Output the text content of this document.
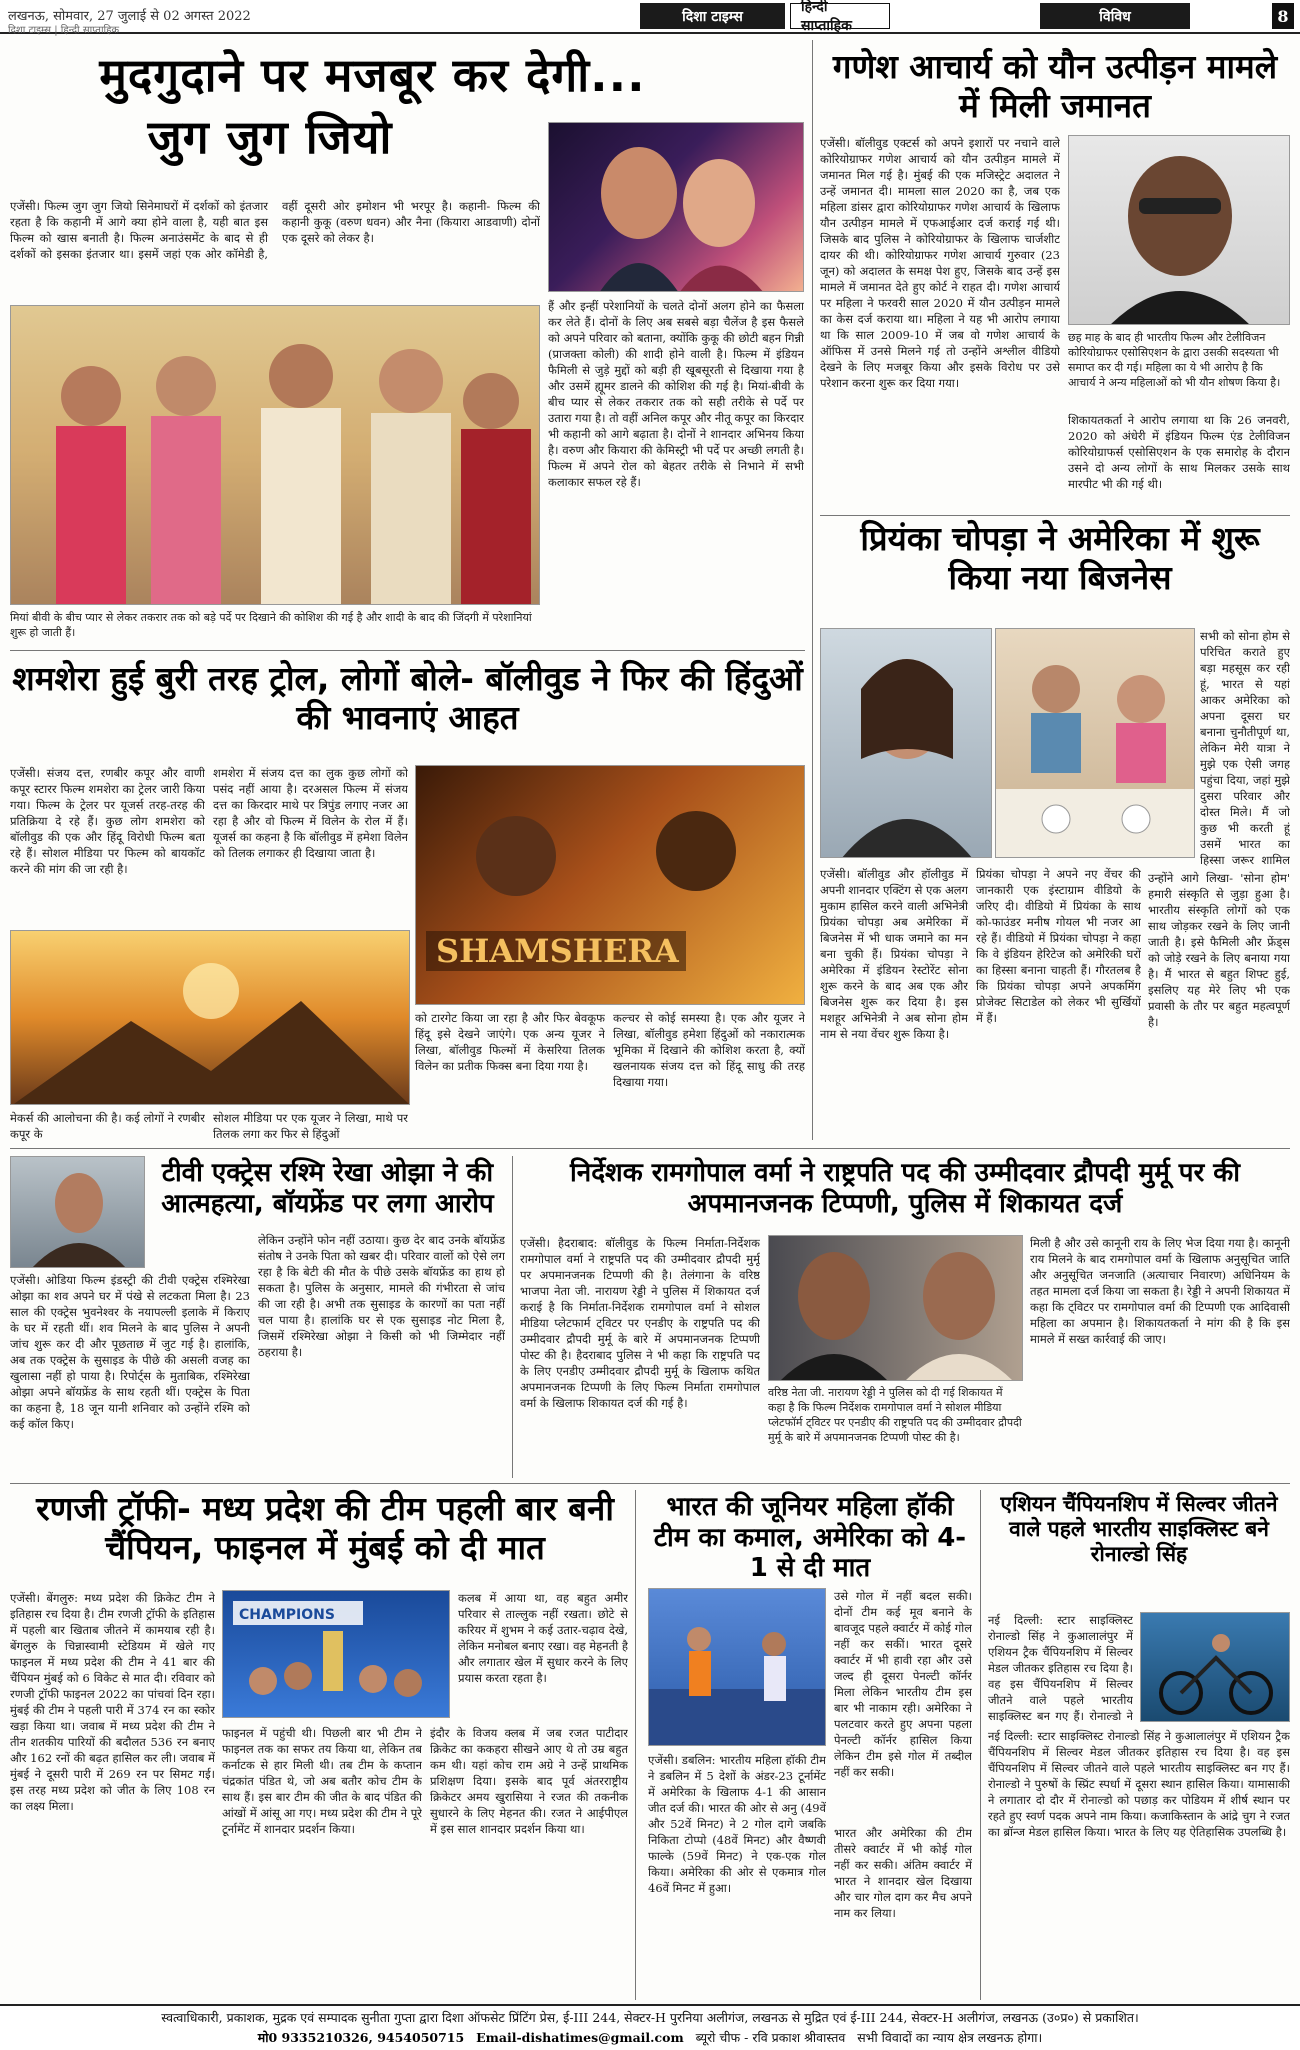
लखनऊ, सोमवार, 27 जुलाई से 02 अगस्त 2022
दिशा टाइम्स | हिन्दी साप्ताहिक
दिशा टाइम्स
हिन्दी साप्ताहिक
विविध	8
मुदगुदाने पर मजबूर कर देगी...
जुग जुग जियो
एजेंसी। फिल्म जुग जुग जियो सिनेमाघरों में दर्शकों को इंतजार रहता है कि कहानी में आगे क्या होने वाला है, यही बात इस फिल्म को खास बनाती है। फिल्म अनाउंसमेंट के बाद से ही दर्शकों को इसका इंतजार था। इसमें जहां एक ओर कॉमेडी है, वहीं दूसरी ओर इमोशन भी भरपूर है। कहानी- फिल्म की कहानी कुकू (वरुण धवन) और नैना (कियारा आडवाणी) दोनों एक दूसरे को लेकर है।
हैं और इन्हीं परेशानियों के चलते दोनों अलग होने का फैसला कर लेते हैं। दोनों के लिए अब सबसे बड़ा चैलेंज है इस फैसले को अपने परिवार को बताना, क्योंकि कुकू की छोटी बहन गिन्नी (प्राजक्ता कोली) की शादी होने वाली है। फिल्म में इंडियन फैमिली से जुड़े मुद्दों को बड़ी ही खूबसूरती से दिखाया गया है और उसमें ह्यूमर डालने की कोशिश की गई है। मियां-बीवी के बीच प्यार से लेकर तकरार तक को सही तरीके से पर्दे पर उतारा गया है। तो वहीं अनिल कपूर और नीतू कपूर का किरदार भी कहानी को आगे बढ़ाता है। दोनों ने शानदार अभिनय किया है। वरुण और कियारा की केमिस्ट्री भी पर्दे पर अच्छी लगती है। फिल्म में अपने रोल को बेहतर तरीके से निभाने में सभी कलाकार सफल रहे हैं।
मियां बीवी के बीच प्यार से लेकर तकरार तक को बड़े पर्दे पर दिखाने की कोशिश की गई है और शादी के बाद की जिंदगी में परेशानियां शुरू हो जाती हैं।
गणेश आचार्य को यौन उत्पीड़न मामले में मिली जमानत
एजेंसी। बॉलीवुड एक्टर्स को अपने इशारों पर नचाने वाले कोरियोग्राफर गणेश आचार्य को यौन उत्पीड़न मामले में जमानत मिल गई है। मुंबई की एक मजिस्ट्रेट अदालत ने उन्हें जमानत दी। मामला साल 2020 का है, जब एक महिला डांसर द्वारा कोरियोग्राफर गणेश आचार्य के खिलाफ यौन उत्पीड़न मामले में एफआईआर दर्ज कराई गई थी। जिसके बाद पुलिस ने कोरियोग्राफर के खिलाफ चार्जशीट दायर की थी। कोरियोग्राफर गणेश आचार्य गुरुवार (23 जून) को अदालत के समक्ष पेश हुए, जिसके बाद उन्हें इस मामले में जमानत देते हुए कोर्ट ने राहत दी। गणेश आचार्य पर महिला ने फरवरी साल 2020 में यौन उत्पीड़न मामले का केस दर्ज कराया था। महिला ने यह भी आरोप लगाया था कि साल 2009-10 में जब वो गणेश आचार्य के ऑफिस में उनसे मिलने गई तो उन्होंने अश्लील वीडियो देखने के लिए मजबूर किया और इसके विरोध पर उसे परेशान करना शुरू कर दिया गया।
छह माह के बाद ही भारतीय फिल्म और टेलीविजन कोरियोग्राफर एसोसिएशन के द्वारा उसकी सदस्यता भी समाप्त कर दी गई। महिला का ये भी आरोप है कि आचार्य ने अन्य महिलाओं को भी यौन शोषण किया है।
शिकायतकर्ता ने आरोप लगाया था कि 26 जनवरी, 2020 को अंधेरी में इंडियन फिल्म एंड टेलीविजन कोरियोग्राफर्स एसोसिएशन के एक समारोह के दौरान उसने दो अन्य लोगों के साथ मिलकर उसके साथ मारपीट भी की गई थी।
प्रियंका चोपड़ा ने अमेरिका में शुरू किया नया बिजनेस
सभी को सोना होम से परिचित कराते हुए बड़ा महसूस कर रही हूं, भारत से यहां आकर अमेरिका को अपना दूसरा घर बनाना चुनौतीपूर्ण था, लेकिन मेरी यात्रा ने मुझे एक ऐसी जगह पहुंचा दिया, जहां मुझे दुसरा परिवार और दोस्त मिले। मैं जो कुछ भी करती हूं उसमें भारत का हिस्सा जरूर शामिल
एजेंसी। बॉलीवुड और हॉलीवुड में अपनी शानदार एक्टिंग से एक अलग मुकाम हासिल करने वाली अभिनेत्री प्रियंका चोपड़ा अब अमेरिका में बिजनेस में भी धाक जमाने का मन बना चुकी हैं। प्रियंका चोपड़ा ने अमेरिका में इंडियन रेस्टोरेंट सोना शुरू करने के बाद अब एक और बिजनेस शुरू कर दिया है। इस मशहूर अभिनेत्री ने अब सोना होम नाम से नया वेंचर शुरू किया है।
प्रियंका चोपड़ा ने अपने नए वेंचर की जानकारी एक इंस्टाग्राम वीडियो के जरिए दी। वीडियो में प्रियंका के साथ को-फाउंडर मनीष गोयल भी नजर आ रहे हैं। वीडियो में प्रियंका चोपड़ा ने कहा कि वे इंडियन हेरिटेज को अमेरिकी घरों का हिस्सा बनाना चाहती हैं। गौरतलब है कि प्रियंका चोपड़ा अपने अपकमिंग प्रोजेक्ट सिटाडेल को लेकर भी सुर्खियों में हैं।
उन्होंने आगे लिखा- 'सोना होम' हमारी संस्कृति से जुड़ा हुआ है। भारतीय संस्कृति लोगों को एक साथ जोड़कर रखने के लिए जानी जाती है। इसे फैमिली और फ्रेंड्स को जोड़े रखने के लिए बनाया गया है। मैं भारत से बहुत शिफ्ट हुई, इसलिए यह मेरे लिए भी एक प्रवासी के तौर पर बहुत महत्वपूर्ण है।
शमशेरा हुई बुरी तरह ट्रोल, लोगों बोले- बॉलीवुड ने फिर की हिंदुओं की भावनाएं आहत
एजेंसी। संजय दत्त, रणबीर कपूर और वाणी कपूर स्टारर फिल्म शमशेरा का ट्रेलर जारी किया गया। फिल्म के ट्रेलर पर यूजर्स तरह-तरह की प्रतिक्रिया दे रहे हैं। कुछ लोग शमशेरा को बॉलीवुड की एक और हिंदू विरोधी फिल्म बता रहे हैं। सोशल मीडिया पर फिल्म को बायकॉट करने की मांग की जा रही है।
शमशेरा में संजय दत्त का लुक कुछ लोगों को पसंद नहीं आया है। दरअसल फिल्म में संजय दत्त का किरदार माथे पर त्रिपुंड लगाए नजर आ रहा है और वो फिल्म में विलेन के रोल में हैं। यूजर्स का कहना है कि बॉलीवुड में हमेशा विलेन को तिलक लगाकर ही दिखाया जाता है।
SHAMSHERA
को टारगेट किया जा रहा है और फिर बेवकूफ हिंदू इसे देखने जाएंगे। एक अन्य यूजर ने लिखा, बॉलीवुड फिल्मों में केसरिया तिलक विलेन का प्रतीक फिक्स बना दिया गया है।
कल्चर से कोई समस्या है। एक और यूजर ने लिखा, बॉलीवुड हमेशा हिंदुओं को नकारात्मक भूमिका में दिखाने की कोशिश करता है, क्यों खलनायक संजय दत्त को हिंदू साधु की तरह दिखाया गया।
मेकर्स की आलोचना की है। कई लोगों ने रणबीर कपूर के
सोशल मीडिया पर एक यूजर ने लिखा, माथे पर तिलक लगा कर फिर से हिंदुओं
टीवी एक्ट्रेस रश्मि रेखा ओझा ने की आत्महत्या, बॉयफ्रेंड पर लगा आरोप
एजेंसी। ओडिया फिल्म इंडस्ट्री की टीवी एक्ट्रेस रश्मिरेखा ओझा का शव अपने घर में पंखे से लटकता मिला है। 23 साल की एक्ट्रेस भुवनेश्वर के नयापल्ली इलाके में किराए के घर में रहती थीं। शव मिलने के बाद पुलिस ने अपनी जांच शुरू कर दी और पूछताछ में जुट गई है। हालांकि, अब तक एक्ट्रेस के सुसाइड के पीछे की असली वजह का खुलासा नहीं हो पाया है। रिपोर्ट्स के मुताबिक, रश्मिरेखा ओझा अपने बॉयफ्रेंड के साथ रहती थीं। एक्ट्रेस के पिता का कहना है, 18 जून यानी शनिवार को उन्होंने रश्मि को कई कॉल किए।
लेकिन उन्होंने फोन नहीं उठाया। कुछ देर बाद उनके बॉयफ्रेंड संतोष ने उनके पिता को खबर दी। परिवार वालों को ऐसे लग रहा है कि बेटी की मौत के पीछे उसके बॉयफ्रेंड का हाथ हो सकता है। पुलिस के अनुसार, मामले की गंभीरता से जांच की जा रही है। अभी तक सुसाइड के कारणों का पता नहीं चल पाया है। हालांकि घर से एक सुसाइड नोट मिला है, जिसमें रश्मिरेखा ओझा ने किसी को भी जिम्मेदार नहीं ठहराया है।
निर्देशक रामगोपाल वर्मा ने राष्ट्रपति पद की उम्मीदवार द्रौपदी मुर्मू पर की अपमानजनक टिप्पणी, पुलिस में शिकायत दर्ज
एजेंसी। हैदराबाद: बॉलीवुड के फिल्म निर्माता-निर्देशक रामगोपाल वर्मा ने राष्ट्रपति पद की उम्मीदवार द्रौपदी मुर्मू पर अपमानजनक टिप्पणी की है। तेलंगाना के वरिष्ठ भाजपा नेता जी. नारायण रेड्डी ने पुलिस में शिकायत दर्ज कराई है कि निर्माता-निर्देशक रामगोपाल वर्मा ने सोशल मीडिया प्लेटफार्म ट्विटर पर एनडीए के राष्ट्रपति पद की उम्मीदवार द्रौपदी मुर्मू के बारे में अपमानजनक टिप्पणी पोस्ट की है। हैदराबाद पुलिस ने भी कहा कि राष्ट्रपति पद के लिए एनडीए उम्मीदवार द्रौपदी मुर्मू के खिलाफ कथित अपमानजनक टिप्पणी के लिए फिल्म निर्माता रामगोपाल वर्मा के खिलाफ शिकायत दर्ज की गई है।
वरिष्ठ नेता जी. नारायण रेड्डी ने पुलिस को दी गई शिकायत में कहा है कि फिल्म निर्देशक रामगोपाल वर्मा ने सोशल मीडिया प्लेटफॉर्म ट्विटर पर एनडीए की राष्ट्रपति पद की उम्मीदवार द्रौपदी मुर्मू के बारे में अपमानजनक टिप्पणी पोस्ट की है।
मिली है और उसे कानूनी राय के लिए भेज दिया गया है। कानूनी राय मिलने के बाद रामगोपाल वर्मा के खिलाफ अनुसूचित जाति और अनुसूचित जनजाति (अत्याचार निवारण) अधिनियम के तहत मामला दर्ज किया जा सकता है। रेड्डी ने अपनी शिकायत में कहा कि ट्विटर पर रामगोपाल वर्मा की टिप्पणी एक आदिवासी महिला का अपमान है। शिकायतकर्ता ने मांग की है कि इस मामले में सख्त कार्रवाई की जाए।
रणजी ट्रॉफी- मध्य प्रदेश की टीम पहली बार बनी चैंपियन, फाइनल में मुंबई को दी मात
एजेंसी। बेंगलुरु: मध्य प्रदेश की क्रिकेट टीम ने इतिहास रच दिया है। टीम रणजी ट्रॉफी के इतिहास में पहली बार खिताब जीतने में कामयाब रही है। बेंगलुरु के चिन्नास्वामी स्टेडियम में खेले गए फाइनल में मध्य प्रदेश की टीम ने 41 बार की चैंपियन मुंबई को 6 विकेट से मात दी। रविवार को रणजी ट्रॉफी फाइनल 2022 का पांचवां दिन रहा। मुंबई की टीम ने पहली पारी में 374 रन का स्कोर खड़ा किया था। जवाब में मध्य प्रदेश की टीम ने तीन शतकीय पारियों की बदौलत 536 रन बनाए और 162 रनों की बढ़त हासिल कर ली। जवाब में मुंबई ने दूसरी पारी में 269 रन पर सिमट गई। इस तरह मध्य प्रदेश को जीत के लिए 108 रन का लक्ष्य मिला।
CHAMPIONS
कलब में आया था, वह बहुत अमीर परिवार से ताल्लुक नहीं रखता। छोटे से करियर में शुभम ने कई उतार-चढ़ाव देखे, लेकिन मनोबल बनाए रखा। वह मेहनती है और लगातार खेल में सुधार करने के लिए प्रयास करता रहता है।
फाइनल में पहुंची थी। पिछली बार भी टीम ने फाइनल तक का सफर तय किया था, लेकिन तब कर्नाटक से हार मिली थी। तब टीम के कप्तान चंद्रकांत पंडित थे, जो अब बतौर कोच टीम के साथ हैं। इस बार टीम की जीत के बाद पंडित की आंखों में आंसू आ गए। मध्य प्रदेश की टीम ने पूरे टूर्नामेंट में शानदार प्रदर्शन किया।
इंदौर के विजय क्लब में जब रजत पाटीदार क्रिकेट का ककहरा सीखने आए थे तो उम्र बहुत कम थी। यहां कोच राम अग्रे ने उन्हें प्राथमिक प्रशिक्षण दिया। इसके बाद पूर्व अंतरराष्ट्रीय क्रिकेटर अमय खुरासिया ने रजत की तकनीक सुधारने के लिए मेहनत की। रजत ने आईपीएल में इस साल शानदार प्रदर्शन किया था।
भारत की जूनियर महिला हॉकी टीम का कमाल, अमेरिका को 4-1 से दी मात
उसे गोल में नहीं बदल सकी। दोनों टीम कई मूव बनाने के बावजूद पहले क्वार्टर में कोई गोल नहीं कर सकीं। भारत दूसरे क्वार्टर में भी हावी रहा और उसे जल्द ही दूसरा पेनल्टी कॉर्नर मिला लेकिन भारतीय टीम इस बार भी नाकाम रही। अमेरिका ने पलटवार करते हुए अपना पहला पेनल्टी कॉर्नर हासिल किया लेकिन टीम इसे गोल में तब्दील नहीं कर सकी।
एजेंसी। डबलिन: भारतीय महिला हॉकी टीम ने डबलिन में 5 देशों के अंडर-23 टूर्नामेंट में अमेरिका के खिलाफ 4-1 की आसान जीत दर्ज की। भारत की ओर से अनु (49वें और 52वें मिनट) ने 2 गोल दागे जबकि निकिता टोप्पो (48वें मिनट) और वैष्णवी फाल्के (59वें मिनट) ने एक-एक गोल किया। अमेरिका की ओर से एकमात्र गोल 46वें मिनट में हुआ।
भारत और अमेरिका की टीम तीसरे क्वार्टर में भी कोई गोल नहीं कर सकी। अंतिम क्वार्टर में भारत ने शानदार खेल दिखाया और चार गोल दाग कर मैच अपने नाम कर लिया।
एशियन चैंपियनशिप में सिल्वर जीतने वाले पहले भारतीय साइक्लिस्ट बने रोनाल्डो सिंह
नई दिल्ली: स्टार साइक्लिस्ट रोनाल्डो सिंह ने कुआलालंपुर में एशियन ट्रैक चैंपियनशिप में सिल्वर मेडल जीतकर इतिहास रच दिया है। वह इस चैंपियनशिप में सिल्वर जीतने वाले पहले भारतीय साइक्लिस्ट बन गए हैं। रोनाल्डो ने
नई दिल्ली: स्टार साइक्लिस्ट रोनाल्डो सिंह ने कुआलालंपुर में एशियन ट्रैक चैंपियनशिप में सिल्वर मेडल जीतकर इतिहास रच दिया है। वह इस चैंपियनशिप में सिल्वर जीतने वाले पहले भारतीय साइक्लिस्ट बन गए हैं। रोनाल्डो ने पुरुषों के स्प्रिंट स्पर्धा में दूसरा स्थान हासिल किया। यामासाकी ने लगातार दो दौर में रोनाल्डो को पछाड़ कर पोडियम में शीर्ष स्थान पर रहते हुए स्वर्ण पदक अपने नाम किया। कजाकिस्तान के आंद्रे चुग ने रजत का ब्रॉन्ज मेडल हासिल किया। भारत के लिए यह ऐतिहासिक उपलब्धि है।
स्वत्वाधिकारी, प्रकाशक, मुद्रक एवं सम्पादक सुनीता गुप्ता द्वारा दिशा ऑफसेट प्रिंटिंग प्रेस, ई-III 244, सेक्टर-H पुरनिया अलीगंज, लखनऊ से मुद्रित एवं ई-III 244, सेक्टर-H अलीगंज, लखनऊ (उ०प्र०) से प्रकाशित।
मो0 9335210326, 9454050715 Email-dishatimes@gmail.com ब्यूरो चीफ - रवि प्रकाश श्रीवास्तव सभी विवादों का न्याय क्षेत्र लखनऊ होगा।
